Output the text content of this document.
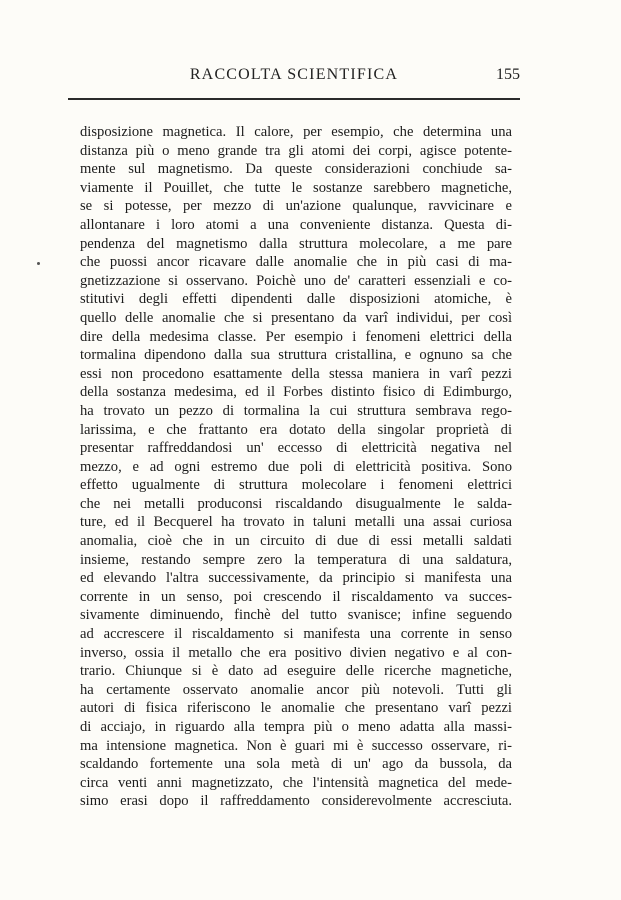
RACCOLTA SCIENTIFICA	155
disposizione magnetica. Il calore, per esempio, che determina una
distanza più o meno grande tra gli atomi dei corpi, agisce potente-
mente sul magnetismo. Da queste considerazioni conchiude sa-
viamente il Pouillet, che tutte le sostanze sarebbero magnetiche,
se si potesse, per mezzo di un'azione qualunque, ravvicinare e
allontanare i loro atomi a una conveniente distanza. Questa di-
pendenza del magnetismo dalla struttura molecolare, a me pare
che puossi ancor ricavare dalle anomalie che in più casi di ma-
gnetizzazione si osservano. Poichè uno de' caratteri essenziali e co-
stitutivi degli effetti dipendenti dalle disposizioni atomiche, è
quello delle anomalie che si presentano da varî individui, per così
dire della medesima classe. Per esempio i fenomeni elettrici della
tormalina dipendono dalla sua struttura cristallina, e ognuno sa che
essi non procedono esattamente della stessa maniera in varî pezzi
della sostanza medesima, ed il Forbes distinto fisico di Edimburgo,
ha trovato un pezzo di tormalina la cui struttura sembrava rego-
larissima, e che frattanto era dotato della singolar proprietà di
presentar raffreddandosi un' eccesso di elettricità negativa nel
mezzo, e ad ogni estremo due poli di elettricità positiva. Sono
effetto ugualmente di struttura molecolare i fenomeni elettrici
che nei metalli produconsi riscaldando disugualmente le salda-
ture, ed il Becquerel ha trovato in taluni metalli una assai curiosa
anomalia, cioè che in un circuito di due di essi metalli saldati
insieme, restando sempre zero la temperatura di una saldatura,
ed elevando l'altra successivamente, da principio si manifesta una
corrente in un senso, poi crescendo il riscaldamento va succes-
sivamente diminuendo, finchè del tutto svanisce; infine seguendo
ad accrescere il riscaldamento si manifesta una corrente in senso
inverso, ossia il metallo che era positivo divien negativo e al con-
trario. Chiunque si è dato ad eseguire delle ricerche magnetiche,
ha certamente osservato anomalie ancor più notevoli. Tutti gli
autori di fisica riferiscono le anomalie che presentano varî pezzi
di acciajo, in riguardo alla tempra più o meno adatta alla massi-
ma intensione magnetica. Non è guari mi è successo osservare, ri-
scaldando fortemente una sola metà di un' ago da bussola, da
circa venti anni magnetizzato, che l'intensità magnetica del mede-
simo erasi dopo il raffreddamento considerevolmente accresciuta.
